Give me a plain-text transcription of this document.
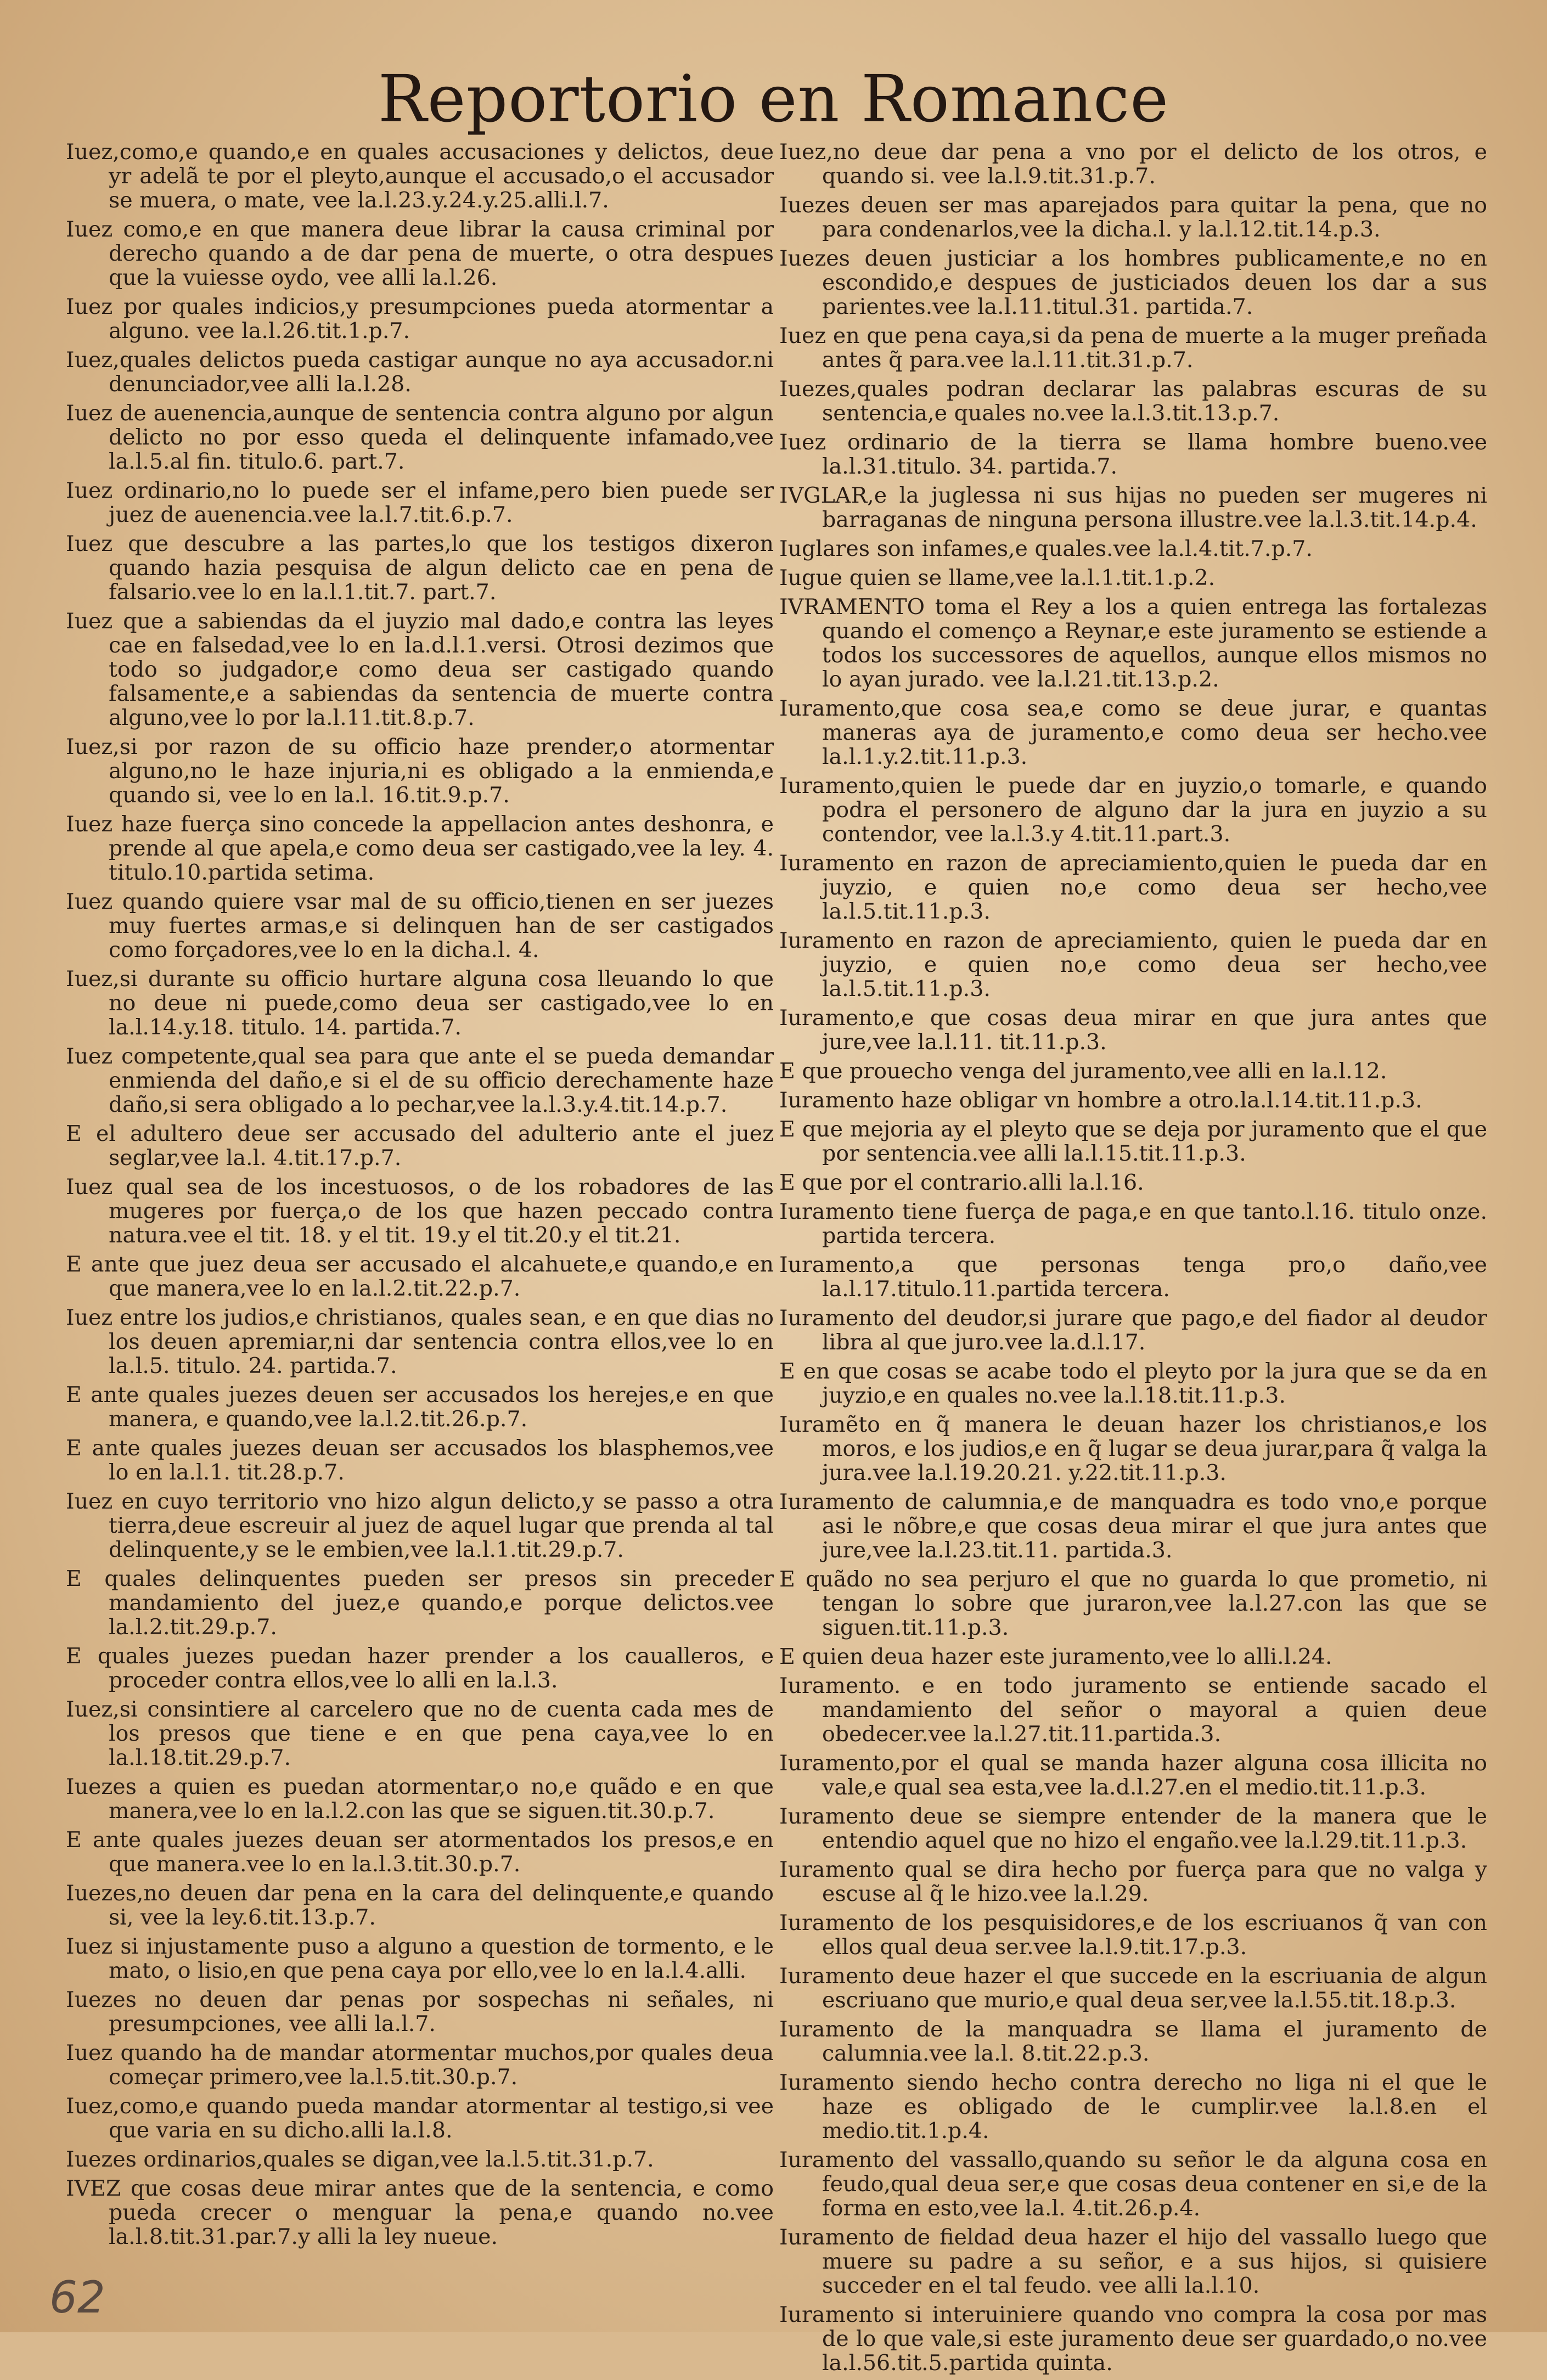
Reportorio en Romance

Iuez,como,e quando,e en quales accusaciones y delictos, deue yr adelã te por el pleyto,aunque el accusado,o el accusador se muera, o mate, vee la.l.23.y.24.y.25.alli.l.7.

Iuez como,e en que manera deue librar la causa criminal por derecho quando a de dar pena de muerte, o otra despues que la vuiesse oydo, vee alli la.l.26.

Iuez por quales indicios,y presumpciones pueda atormentar a alguno. vee la.l.26.tit.1.p.7.

Iuez,quales delictos pueda castigar aunque no aya accusador.ni denunciador,vee alli la.l.28.

Iuez de auenencia,aunque de sentencia contra alguno por algun delicto no por esso queda el delinquente infamado,vee la.l.5.al fin. titulo.6. part.7.

Iuez ordinario,no lo puede ser el infame,pero bien puede ser juez de auenencia.vee la.l.7.tit.6.p.7.

Iuez que descubre a las partes,lo que los testigos dixeron quando hazia pesquisa de algun delicto cae en pena de falsario.vee lo en la.l.1.tit.7. part.7.

Iuez que a sabiendas da el juyzio mal dado,e contra las leyes cae en falsedad,vee lo en la.d.l.1.versi. Otrosi dezimos que todo so judgador,e como deua ser castigado quando falsamente,e a sabiendas da sentencia de muerte contra alguno,vee lo por la.l.11.tit.8.p.7.

Iuez,si por razon de su officio haze prender,o atormentar alguno,no le haze injuria,ni es obligado a la enmienda,e quando si, vee lo en la.l. 16.tit.9.p.7.

Iuez haze fuerça sino concede la appellacion antes deshonra, e prende al que apela,e como deua ser castigado,vee la ley. 4. titulo.10.partida setima.

Iuez quando quiere vsar mal de su officio,tienen en ser juezes muy fuertes armas,e si delinquen han de ser castigados como forçadores,vee lo en la dicha.l. 4.

Iuez,si durante su officio hurtare alguna cosa lleuando lo que no deue ni puede,como deua ser castigado,vee lo en la.l.14.y.18. titulo. 14. partida.7.

Iuez competente,qual sea para que ante el se pueda demandar enmienda del daño,e si el de su officio derechamente haze daño,si sera obligado a lo pechar,vee la.l.3.y.4.tit.14.p.7.

E el adultero deue ser accusado del adulterio ante el juez seglar,vee la.l. 4.tit.17.p.7.

Iuez qual sea de los incestuosos, o de los robadores de las mugeres por fuerça,o de los que hazen peccado contra natura.vee el tit. 18. y el tit. 19.y el tit.20.y el tit.21.

E ante que juez deua ser accusado el alcahuete,e quando,e en que manera,vee lo en la.l.2.tit.22.p.7.

Iuez entre los judios,e christianos, quales sean, e en que dias no los deuen apremiar,ni dar sentencia contra ellos,vee lo en la.l.5. titulo. 24. partida.7.

E ante quales juezes deuen ser accusados los herejes,e en que manera, e quando,vee la.l.2.tit.26.p.7.

E ante quales juezes deuan ser accusados los blasphemos,vee lo en la.l.1. tit.28.p.7.

Iuez en cuyo territorio vno hizo algun delicto,y se passo a otra tierra,deue escreuir al juez de aquel lugar que prenda al tal delinquente,y se le embien,vee la.l.1.tit.29.p.7.

E quales delinquentes pueden ser presos sin preceder mandamiento del juez,e quando,e porque delictos.vee la.l.2.tit.29.p.7.

E quales juezes puedan hazer prender a los caualleros, e proceder contra ellos,vee lo alli en la.l.3.

Iuez,si consintiere al carcelero que no de cuenta cada mes de los presos que tiene e en que pena caya,vee lo en la.l.18.tit.29.p.7.

Iuezes a quien es puedan atormentar,o no,e quãdo e en que manera,vee lo en la.l.2.con las que se siguen.tit.30.p.7.

E ante quales juezes deuan ser atormentados los presos,e en que manera.vee lo en la.l.3.tit.30.p.7.

Iuezes,no deuen dar pena en la cara del delinquente,e quando si, vee la ley.6.tit.13.p.7.

Iuez si injustamente puso a alguno a question de tormento, e le mato, o lisio,en que pena caya por ello,vee lo en la.l.4.alli.

Iuezes no deuen dar penas por sospechas ni señales, ni presumpciones, vee alli la.l.7.

Iuez quando ha de mandar atormentar muchos,por quales deua começar primero,vee la.l.5.tit.30.p.7.

Iuez,como,e quando pueda mandar atormentar al testigo,si vee que varia en su dicho.alli la.l.8.

Iuezes ordinarios,quales se digan,vee la.l.5.tit.31.p.7.

IVEZ que cosas deue mirar antes que de la sentencia, e como pueda crecer o menguar la pena,e quando no.vee la.l.8.tit.31.par.7.y alli la ley nueue.

Iuez,no deue dar pena a vno por el delicto de los otros, e quando si. vee la.l.9.tit.31.p.7.

Iuezes deuen ser mas aparejados para quitar la pena, que no para condenarlos,vee la dicha.l. y la.l.12.tit.14.p.3.

Iuezes deuen justiciar a los hombres publicamente,e no en escondido,e despues de justiciados deuen los dar a sus parientes.vee la.l.11.titul.31. partida.7.

Iuez en que pena caya,si da pena de muerte a la muger preñada antes q̃ para.vee la.l.11.tit.31.p.7.

Iuezes,quales podran declarar las palabras escuras de su sentencia,e quales no.vee la.l.3.tit.13.p.7.

Iuez ordinario de la tierra se llama hombre bueno.vee la.l.31.titulo. 34. partida.7.

IVGLAR,e la juglessa ni sus hijas no pueden ser mugeres ni barraganas de ninguna persona illustre.vee la.l.3.tit.14.p.4.

Iuglares son infames,e quales.vee la.l.4.tit.7.p.7.

Iugue quien se llame,vee la.l.1.tit.1.p.2.

IVRAMENTO toma el Rey a los a quien entrega las fortalezas quando el començo a Reynar,e este juramento se estiende a todos los successores de aquellos, aunque ellos mismos no lo ayan jurado. vee la.l.21.tit.13.p.2.

Iuramento,que cosa sea,e como se deue jurar, e quantas maneras aya de juramento,e como deua ser hecho.vee la.l.1.y.2.tit.11.p.3.

Iuramento,quien le puede dar en juyzio,o tomarle, e quando podra el personero de alguno dar la jura en juyzio a su contendor, vee la.l.3.y 4.tit.11.part.3.

Iuramento en razon de apreciamiento,quien le pueda dar en juyzio, e quien no,e como deua ser hecho,vee la.l.5.tit.11.p.3.

Iuramento en razon de apreciamiento, quien le pueda dar en juyzio, e quien no,e como deua ser hecho,vee la.l.5.tit.11.p.3.

Iuramento,e que cosas deua mirar en que jura antes que jure,vee la.l.11. tit.11.p.3.

E que prouecho venga del juramento,vee alli en la.l.12.

Iuramento haze obligar vn hombre a otro.la.l.14.tit.11.p.3.

E que mejoria ay el pleyto que se deja por juramento que el que por sentencia.vee alli la.l.15.tit.11.p.3.

E que por el contrario.alli la.l.16.

Iuramento tiene fuerça de paga,e en que tanto.l.16. titulo onze. partida tercera.

Iuramento,a que personas tenga pro,o daño,vee la.l.17.titulo.11.partida tercera.

Iuramento del deudor,si jurare que pago,e del fiador al deudor libra al que juro.vee la.d.l.17.

E en que cosas se acabe todo el pleyto por la jura que se da en juyzio,e en quales no.vee la.l.18.tit.11.p.3.

Iuramẽto en q̃ manera le deuan hazer los christianos,e los moros, e los judios,e en q̃ lugar se deua jurar,para q̃ valga la jura.vee la.l.19.20.21. y.22.tit.11.p.3.

Iuramento de calumnia,e de manquadra es todo vno,e porque asi le nõbre,e que cosas deua mirar el que jura antes que jure,vee la.l.23.tit.11. partida.3.

E quãdo no sea perjuro el que no guarda lo que prometio, ni tengan lo sobre que juraron,vee la.l.27.con las que se siguen.tit.11.p.3.

E quien deua hazer este juramento,vee lo alli.l.24.

Iuramento. e en todo juramento se entiende sacado el mandamiento del señor o mayoral a quien deue obedecer.vee la.l.27.tit.11.partida.3.

Iuramento,por el qual se manda hazer alguna cosa illicita no vale,e qual sea esta,vee la.d.l.27.en el medio.tit.11.p.3.

Iuramento deue se siempre entender de la manera que le entendio aquel que no hizo el engaño.vee la.l.29.tit.11.p.3.

Iuramento qual se dira hecho por fuerça para que no valga y escuse al q̃ le hizo.vee la.l.29.

Iuramento de los pesquisidores,e de los escriuanos q̃ van con ellos qual deua ser.vee la.l.9.tit.17.p.3.

Iuramento deue hazer el que succede en la escriuania de algun escriuano que murio,e qual deua ser,vee la.l.55.tit.18.p.3.

Iuramento de la manquadra se llama el juramento de calumnia.vee la.l. 8.tit.22.p.3.

Iuramento siendo hecho contra derecho no liga ni el que le haze es obligado de le cumplir.vee la.l.8.en el medio.tit.1.p.4.

Iuramento del vassallo,quando su señor le da alguna cosa en feudo,qual deua ser,e que cosas deua contener en si,e de la forma en esto,vee la.l. 4.tit.26.p.4.

Iuramento de fieldad deua hazer el hijo del vassallo luego que muere su padre a su señor, e a sus hijos, si quisiere succeder en el tal feudo. vee alli la.l.10.

Iuramento si interuiniere quando vno compra la cosa por mas de lo que vale,si este juramento deue ser guardado,o no.vee la.l.56.tit.5.partida quinta.

62
